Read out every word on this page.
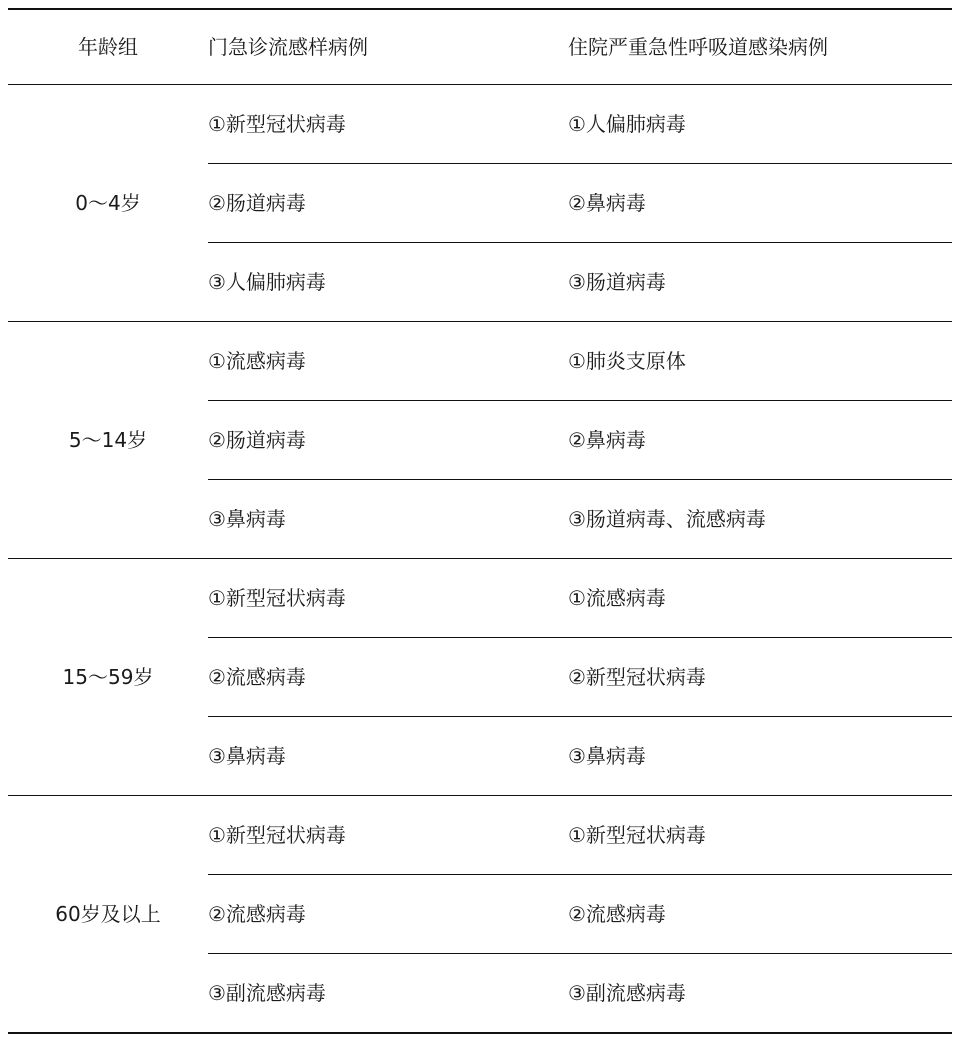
年龄组	门急诊流感样病例	住院严重急性呼吸道感染病例
0～4岁	①新型冠状病毒	①人偏肺病毒
	②肠道病毒	②鼻病毒
	③人偏肺病毒	③肠道病毒
5～14岁	①流感病毒	①肺炎支原体
	②肠道病毒	②鼻病毒
	③鼻病毒	③肠道病毒、流感病毒
15～59岁	①新型冠状病毒	①流感病毒
	②流感病毒	②新型冠状病毒
	③鼻病毒	③鼻病毒
60岁及以上	①新型冠状病毒	①新型冠状病毒
	②流感病毒	②流感病毒
	③副流感病毒	③副流感病毒
